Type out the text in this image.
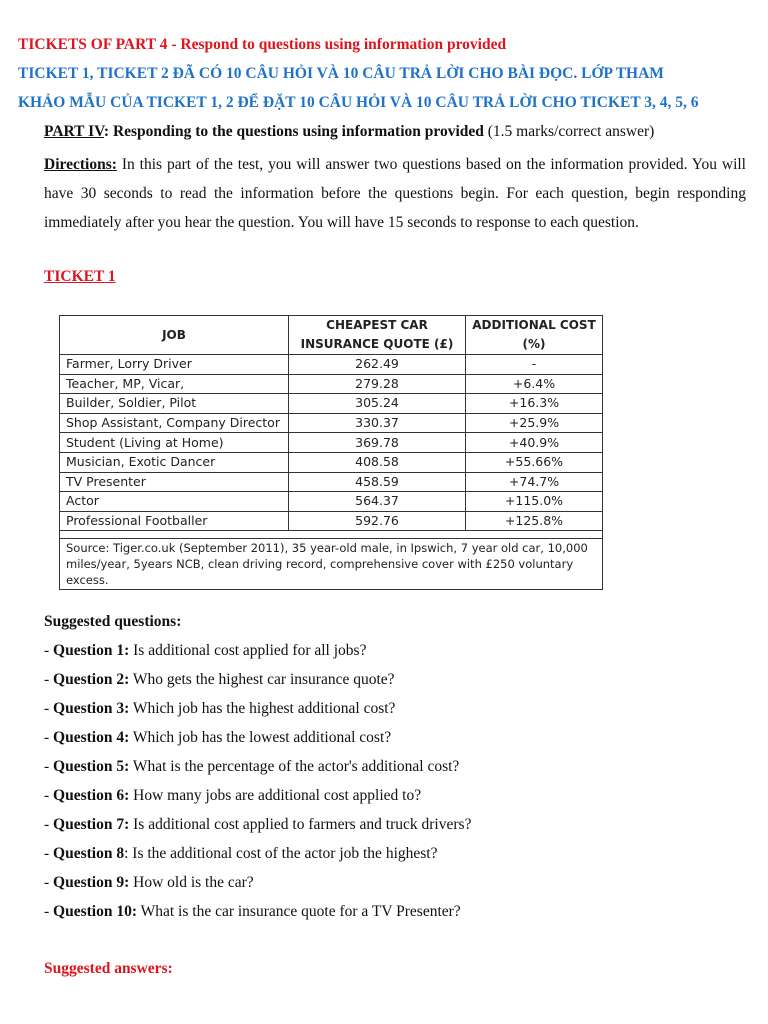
TICKETS OF PART 4 - Respond to questions using information provided
TICKET 1, TICKET 2 ĐÃ CÓ 10 CÂU HỎI VÀ 10 CÂU TRẢ LỜI CHO BÀI ĐỌC. LỚP THAM
KHẢO MẪU CỦA TICKET 1, 2 ĐỂ ĐẶT 10 CÂU HỎI VÀ 10 CÂU TRẢ LỜI CHO TICKET 3, 4, 5, 6
PART IV: Responding to the questions using information provided (1.5 marks/correct answer)
Directions: In this part of the test, you will answer two questions based on the information provided. You will have 30 seconds to read the information before the questions begin. For each question, begin responding immediately after you hear the question. You will have 15 seconds to response to each question.
TICKET 1
JOB	CHEAPEST CAR INSURANCE QUOTE (£)	ADDITIONAL COST (%)
Farmer, Lorry Driver	262.49	-
Teacher, MP, Vicar,	279.28	+6.4%
Builder, Soldier, Pilot	305.24	+16.3%
Shop Assistant, Company Director	330.37	+25.9%
Student (Living at Home)	369.78	+40.9%
Musician, Exotic Dancer	408.58	+55.66%
TV Presenter	458.59	+74.7%
Actor	564.37	+115.0%
Professional Footballer	592.76	+125.8%

Source: Tiger.co.uk (September 2011), 35 year-old male, in Ipswich, 7 year old car, 10,000 miles/year, 5years NCB, clean driving record, comprehensive cover with £250 voluntary excess.		
Suggested questions:
- Question 1: Is additional cost applied for all jobs?
- Question 2: Who gets the highest car insurance quote?
- Question 3: Which job has the highest additional cost?
- Question 4: Which job has the lowest additional cost?
- Question 5: What is the percentage of the actor's additional cost?
- Question 6: How many jobs are additional cost applied to?
- Question 7: Is additional cost applied to farmers and truck drivers?
- Question 8: Is the additional cost of the actor job the highest?
- Question 9: How old is the car?
- Question 10: What is the car insurance quote for a TV Presenter?
Suggested answers:
